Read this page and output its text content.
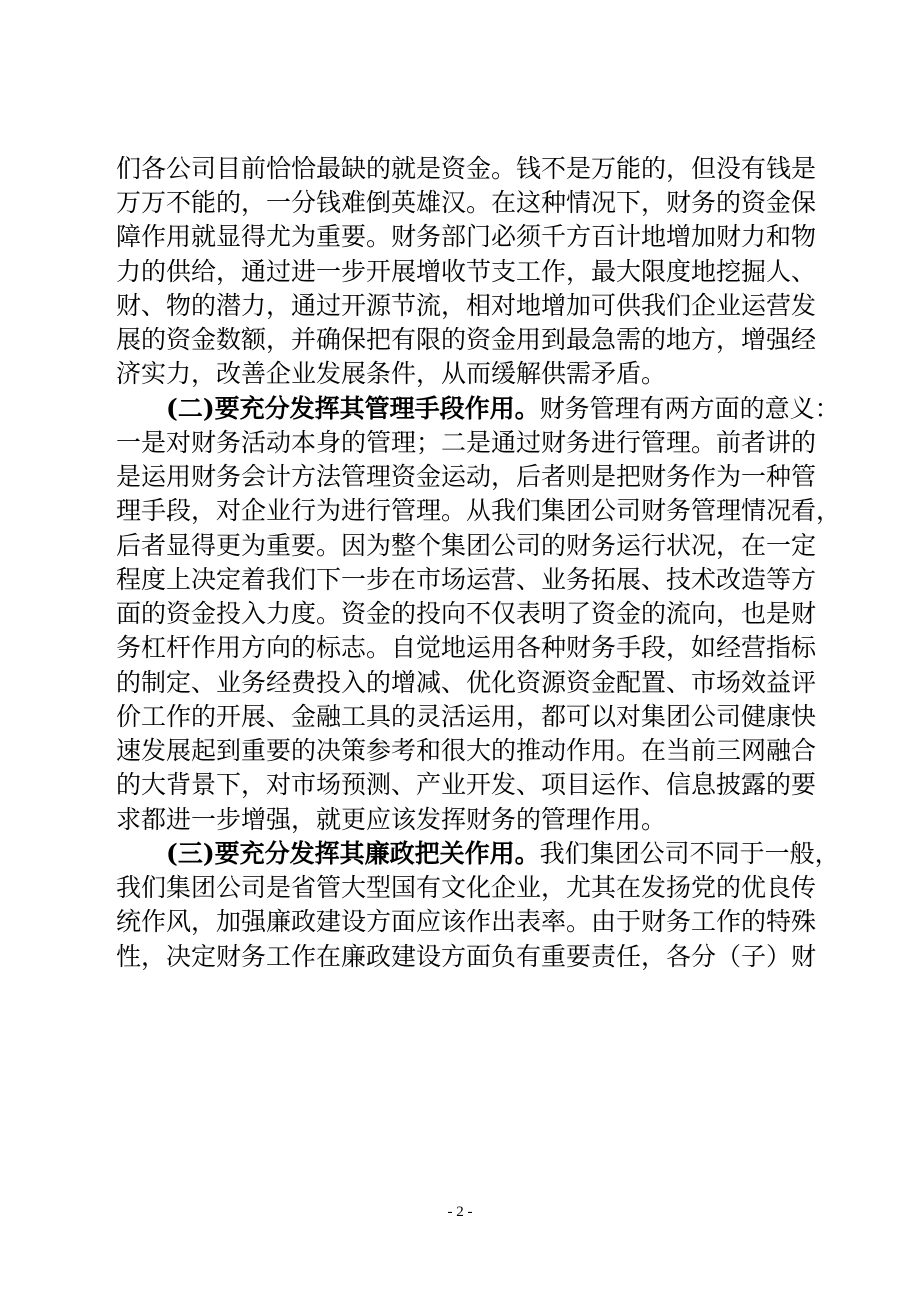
们各公司目前恰恰最缺的就是资金。钱不是万能的，但没有钱是

万万不能的，一分钱难倒英雄汉。在这种情况下，财务的资金保

障作用就显得尤为重要。财务部门必须千方百计地增加财力和物

力的供给，通过进一步开展增收节支工作，最大限度地挖掘人、

财、物的潜力，通过开源节流，相对地增加可供我们企业运营发

展的资金数额，并确保把有限的资金用到最急需的地方，增强经

济实力，改善企业发展条件，从而缓解供需矛盾。

(二)要充分发挥其管理手段作用。财务管理有两方面的意义：

一是对财务活动本身的管理；二是通过财务进行管理。前者讲的

是运用财务会计方法管理资金运动，后者则是把财务作为一种管

理手段，对企业行为进行管理。从我们集团公司财务管理情况看，

后者显得更为重要。因为整个集团公司的财务运行状况，在一定

程度上决定着我们下一步在市场运营、业务拓展、技术改造等方

面的资金投入力度。资金的投向不仅表明了资金的流向，也是财

务杠杆作用方向的标志。自觉地运用各种财务手段，如经营指标

的制定、业务经费投入的增减、优化资源资金配置、市场效益评

价工作的开展、金融工具的灵活运用，都可以对集团公司健康快

速发展起到重要的决策参考和很大的推动作用。在当前三网融合

的大背景下，对市场预测、产业开发、项目运作、信息披露的要

求都进一步增强，就更应该发挥财务的管理作用。

(三)要充分发挥其廉政把关作用。我们集团公司不同于一般，

我们集团公司是省管大型国有文化企业，尤其在发扬党的优良传

统作风，加强廉政建设方面应该作出表率。由于财务工作的特殊

性，决定财务工作在廉政建设方面负有重要责任，各分（子）财

- 2 -
